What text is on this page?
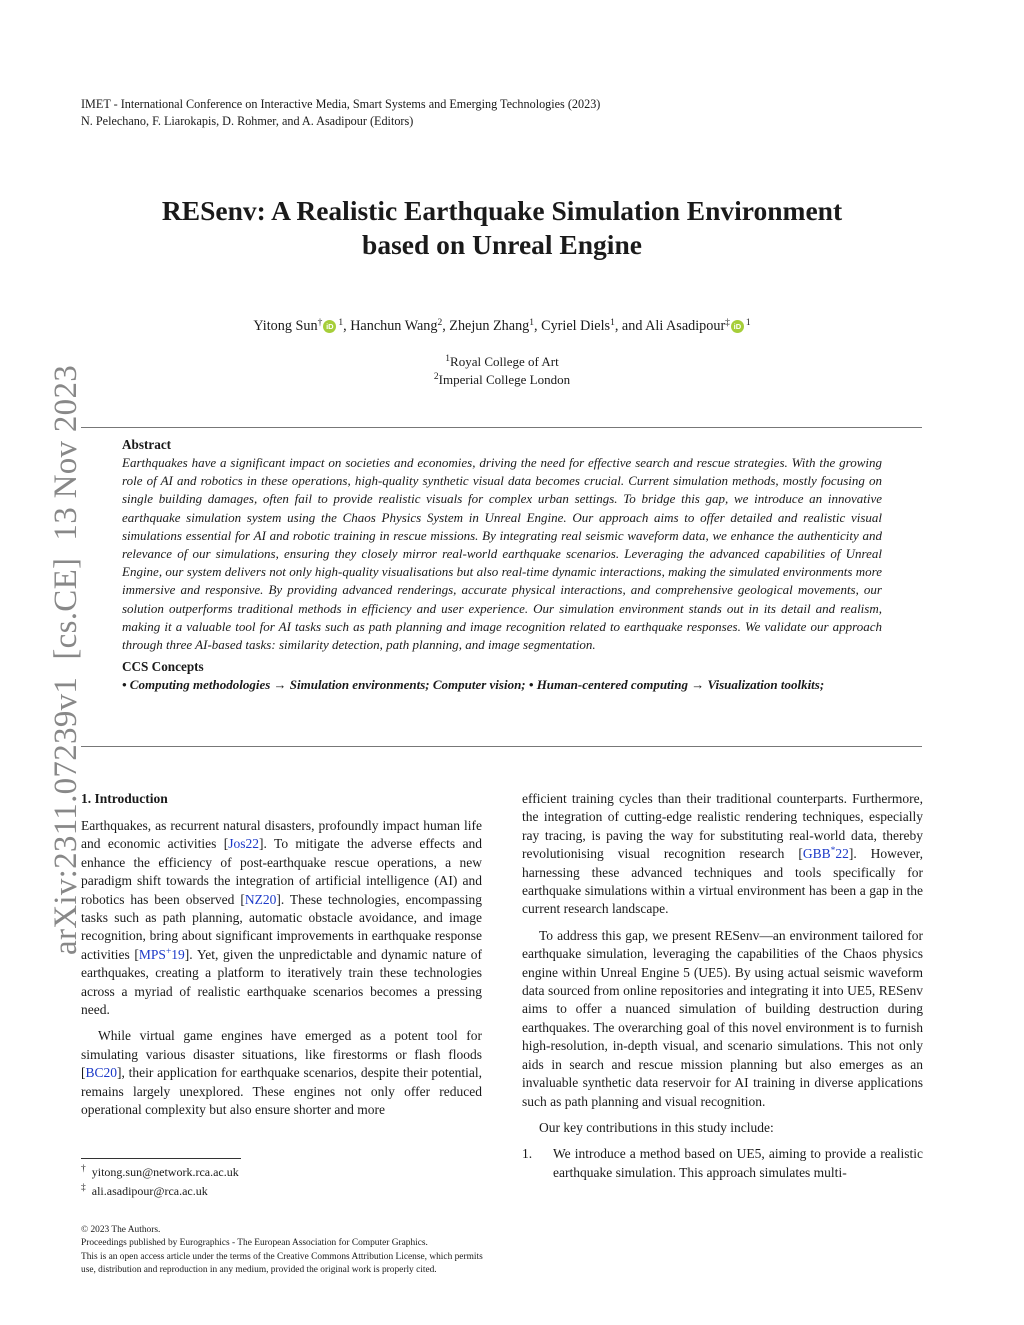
IMET - International Conference on Interactive Media, Smart Systems and Emerging Technologies (2023)
N. Pelechano, F. Liarokapis, D. Rohmer, and A. Asadipour (Editors)
arXiv:2311.07239v1  [cs.CE]  13 Nov 2023
RESenv: A Realistic Earthquake Simulation Environment
based on Unreal Engine
Yitong Sun† iD $^1$, Hanchun Wang$^2$, Zhejun Zhang$^1$, Cyriel Diels$^1$, and Ali Asadipour‡ iD $^1$
$^1$Royal College of Art
$^2$Imperial College London
Abstract

Earthquakes have a significant impact on societies and economies, driving the need for effective search and rescue strategies. With the growing role of AI and robotics in these operations, high-quality synthetic visual data becomes crucial. Current simulation methods, mostly focusing on single building damages, often fail to provide realistic visuals for complex urban settings. To bridge this gap, we introduce an innovative earthquake simulation system using the Chaos Physics System in Unreal Engine. Our approach aims to offer detailed and realistic visual simulations essential for AI and robotic training in rescue missions. By integrating real seismic waveform data, we enhance the authenticity and relevance of our simulations, ensuring they closely mirror real-world earthquake scenarios. Leveraging the advanced capabilities of Unreal Engine, our system delivers not only high-quality visualisations but also real-time dynamic interactions, making the simulated environments more immersive and responsive. By providing advanced renderings, accurate physical interactions, and comprehensive geological movements, our solution outperforms traditional methods in efficiency and user experience. Our simulation environment stands out in its detail and realism, making it a valuable tool for AI tasks such as path planning and image recognition related to earthquake responses. We validate our approach through three AI-based tasks: similarity detection, path planning, and image segmentation.

CCS Concepts

• Computing methodologies → Simulation environments; Computer vision; • Human-centered computing → Visualization toolkits;

1. Introduction

Earthquakes, as recurrent natural disasters, profoundly impact human life and economic activities [Jos22]. To mitigate the adverse effects and enhance the efficiency of post-earthquake rescue operations, a new paradigm shift towards the integration of artificial intelligence (AI) and robotics has been observed [NZ20]. These technologies, encompassing tasks such as path planning, automatic obstacle avoidance, and image recognition, bring about significant improvements in earthquake response activities [MPS+19]. Yet, given the unpredictable and dynamic nature of earthquakes, creating a platform to iteratively train these technologies across a myriad of realistic earthquake scenarios becomes a pressing need.

While virtual game engines have emerged as a potent tool for simulating various disaster situations, like firestorms or flash floods [BC20], their application for earthquake scenarios, despite their potential, remains largely unexplored. These engines not only offer reduced operational complexity but also ensure shorter and more

efficient training cycles than their traditional counterparts. Furthermore, the integration of cutting-edge realistic rendering techniques, especially ray tracing, is paving the way for substituting real-world data, thereby revolutionising visual recognition research [GBB*22]. However, harnessing these advanced techniques and tools specifically for earthquake simulations within a virtual environment has been a gap in the current research landscape.

To address this gap, we present RESenv—an environment tailored for earthquake simulation, leveraging the capabilities of the Chaos physics engine within Unreal Engine 5 (UE5). By using actual seismic waveform data sourced from online repositories and integrating it into UE5, RESenv aims to offer a nuanced simulation of building destruction during earthquakes. The overarching goal of this novel environment is to furnish high-resolution, in-depth visual, and scenario simulations. This not only aids in search and rescue mission planning but also emerges as an invaluable synthetic data reservoir for AI training in diverse applications such as path planning and visual recognition.

Our key contributions in this study include:

1. We introduce a method based on UE5, aiming to provide a realistic earthquake simulation. This approach simulates multi-
† yitong.sun@network.rca.ac.uk
‡ ali.asadipour@rca.ac.uk
© 2023 The Authors.
Proceedings published by Eurographics - The European Association for Computer Graphics.
This is an open access article under the terms of the Creative Commons Attribution License, which permits use, distribution and reproduction in any medium, provided the original work is properly cited.
